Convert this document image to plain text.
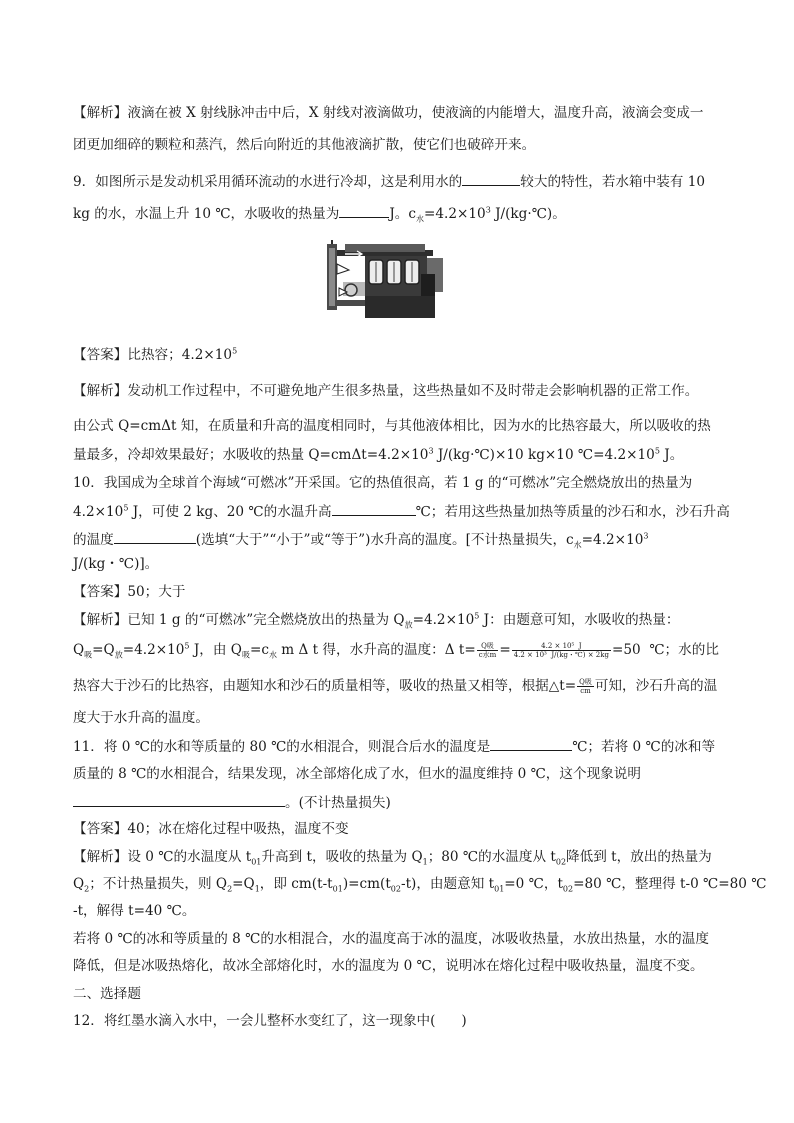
【解析】液滴在被 X 射线脉冲击中后，X 射线对液滴做功，使液滴的内能增大，温度升高，液滴会变成一
团更加细碎的颗粒和蒸汽，然后向附近的其他液滴扩散，使它们也破碎开来。
9．如图所示是发动机采用循环流动的水进行冷却，这是利用水的	较大的特性，若水箱中装有 10
kg 的水，水温上升 10 ℃，水吸收的热量为	J。$c_水=4.2\times 10^3$ J/(kg·℃)。
【答案】比热容；$4.2\times 10^5$
【解析】发动机工作过程中，不可避免地产生很多热量，这些热量如不及时带走会影响机器的正常工作。
由公式 Q=cmΔt 知，在质量和升高的温度相同时，与其他液体相比，因为水的比热容最大，所以吸收的热
量最多，冷却效果最好；水吸收的热量 $Q=cm\Delta t=4.2\times 10^3$ J/(kg·℃)×10 kg×10 $℃=4.2\times 10^5$ J。
10．我国成为全球首个海域“可燃冰”开采国。它的热值很高，若 1 g 的“可燃冰”完全燃烧放出的热量为
$4.2\times 10^5$ J，可使 2 kg、20 ℃的水温升高	℃；若用这些热量加热等质量的沙石和水，沙石升高
的温度	(选填“大于”“小于”或“等于”)水升高的温度。[不计热量损失，$c_水=4.2\times 10^3$
J/(kg・℃)]。
【答案】50；大于
【解析】已知 1 g 的“可燃冰”完全燃烧放出的热量为 $Q_放=4.2\times 10^5$ J：由题意可知，水吸收的热量：
$Q_吸=Q_放=4.2\times 10^5$ J，由 $Q_吸=c_水$ m Δ t 得，水升高的温度：Δ $t= \frac{\text{Q吸}}{\text{c水m}} = \frac{\text{4.2 × 10⁵  J}}{\text{4.2 × 10³  J/(kg・℃) × 2kg}} =50$  ℃；水的比
热容大于沙石的比热容，由题知水和沙石的质量相等，吸收的热量又相等，根据△t= $\frac{\text{Q吸}}{cm}$ 可知，沙石升高的温
度大于水升高的温度。
11．将 0 ℃的水和等质量的 80 ℃的水相混合，则混合后水的温度是	℃；若将 0 ℃的冰和等
质量的 8 ℃的水相混合，结果发现，冰全部熔化成了水，但水的温度维持 0 ℃，这个现象说明
。(不计热量损失)
【答案】40；冰在熔化过程中吸热，温度不变
【解析】设 0 ℃的水温度从 $t_{01}$升高到 t，吸收的热量为 $Q_1$；80 ℃的水温度从 $t_{02}$降低到 t，放出的热量为
$Q_2$；不计热量损失，则 $Q_2=Q_1$，即 $cm(t-t_{01})=cm(t_{02}-t)$，由题意知 $t_{01}=0$ ℃，$t_{02}=80$ ℃，整理得 t-0 ℃=80 ℃
-t，解得 t=40 ℃。
若将 0 ℃的冰和等质量的 8 ℃的水相混合，水的温度高于冰的温度，冰吸收热量，水放出热量，水的温度
降低，但是冰吸热熔化，故冰全部熔化时，水的温度为 0 ℃，说明冰在熔化过程中吸收热量，温度不变。
二、选择题
12．将红墨水滴入水中，一会儿整杯水变红了，这一现象中(      )
